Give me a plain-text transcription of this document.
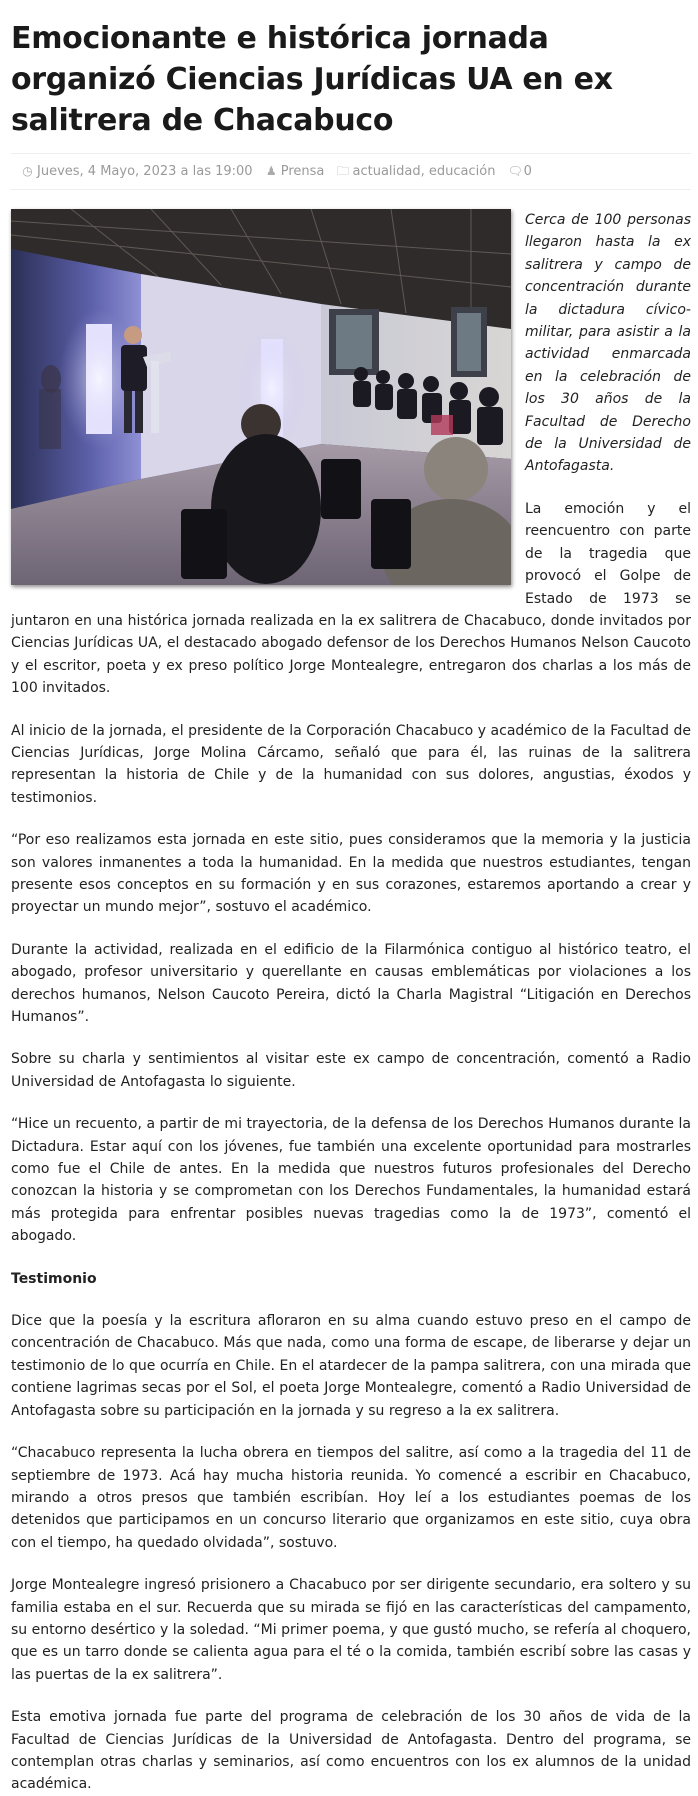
Emocionante e histórica jornada organizó Ciencias Jurídicas UA en ex salitrera de Chacabuco
◷ Jueves, 4 Mayo, 2023 a las 19:00 ♟ Prensa 🗀 actualidad, educación 🗨0

Cerca de 100 personas llegaron hasta la ex salitrera y campo de concentración durante la dictadura cívico-militar, para asistir a la actividad enmarcada en la celebración de los 30 años de la Facultad de Derecho de la Universidad de Antofagasta.

La emoción y el reencuentro con parte de la tragedia que provocó el Golpe de Estado de 1973 se juntaron en una histórica jornada realizada en la ex salitrera de Chacabuco, donde invitados por Ciencias Jurídicas UA, el destacado abogado defensor de los Derechos Humanos Nelson Caucoto y el escritor, poeta y ex preso político Jorge Montealegre, entregaron dos charlas a los más de 100 invitados.

Al inicio de la jornada, el presidente de la Corporación Chacabuco y académico de la Facultad de Ciencias Jurídicas, Jorge Molina Cárcamo, señaló que para él, las ruinas de la salitrera representan la historia de Chile y de la humanidad con sus dolores, angustias, éxodos y testimonios.

“Por eso realizamos esta jornada en este sitio, pues consideramos que la memoria y la justicia son valores inmanentes a toda la humanidad. En la medida que nuestros estudiantes, tengan presente esos conceptos en su formación y en sus corazones, estaremos aportando a crear y proyectar un mundo mejor”, sostuvo el académico.

Durante la actividad, realizada en el edificio de la Filarmónica contiguo al histórico teatro, el abogado, profesor universitario y querellante en causas emblemáticas por violaciones a los derechos humanos, Nelson Caucoto Pereira, dictó la Charla Magistral “Litigación en Derechos Humanos”.

Sobre su charla y sentimientos al visitar este ex campo de concentración, comentó a Radio Universidad de Antofagasta lo siguiente.

“Hice un recuento, a partir de mi trayectoria, de la defensa de los Derechos Humanos durante la Dictadura. Estar aquí con los jóvenes, fue también una excelente oportunidad para mostrarles como fue el Chile de antes. En la medida que nuestros futuros profesionales del Derecho conozcan la historia y se comprometan con los Derechos Fundamentales, la humanidad estará más protegida para enfrentar posibles nuevas tragedias como la de 1973”, comentó el abogado.

Testimonio

Dice que la poesía y la escritura afloraron en su alma cuando estuvo preso en el campo de concentración de Chacabuco. Más que nada, como una forma de escape, de liberarse y dejar un testimonio de lo que ocurría en Chile. En el atardecer de la pampa salitrera, con una mirada que contiene lagrimas secas por el Sol, el poeta Jorge Montealegre, comentó a Radio Universidad de Antofagasta sobre su participación en la jornada y su regreso a la ex salitrera.

“Chacabuco representa la lucha obrera en tiempos del salitre, así como a la tragedia del 11 de septiembre de 1973. Acá hay mucha historia reunida. Yo comencé a escribir en Chacabuco, mirando a otros presos que también escribían. Hoy leí a los estudiantes poemas de los detenidos que participamos en un concurso literario que organizamos en este sitio, cuya obra con el tiempo, ha quedado olvidada”, sostuvo.

Jorge Montealegre ingresó prisionero a Chacabuco por ser dirigente secundario, era soltero y su familia estaba en el sur. Recuerda que su mirada se fijó en las características del campamento, su entorno desértico y la soledad. “Mi primer poema, y que gustó mucho, se refería al choquero, que es un tarro donde se calienta agua para el té o la comida, también escribí sobre las casas y las puertas de la ex salitrera”.

Esta emotiva jornada fue parte del programa de celebración de los 30 años de vida de la Facultad de Ciencias Jurídicas de la Universidad de Antofagasta. Dentro del programa, se contemplan otras charlas y seminarios, así como encuentros con los ex alumnos de la unidad académica.
